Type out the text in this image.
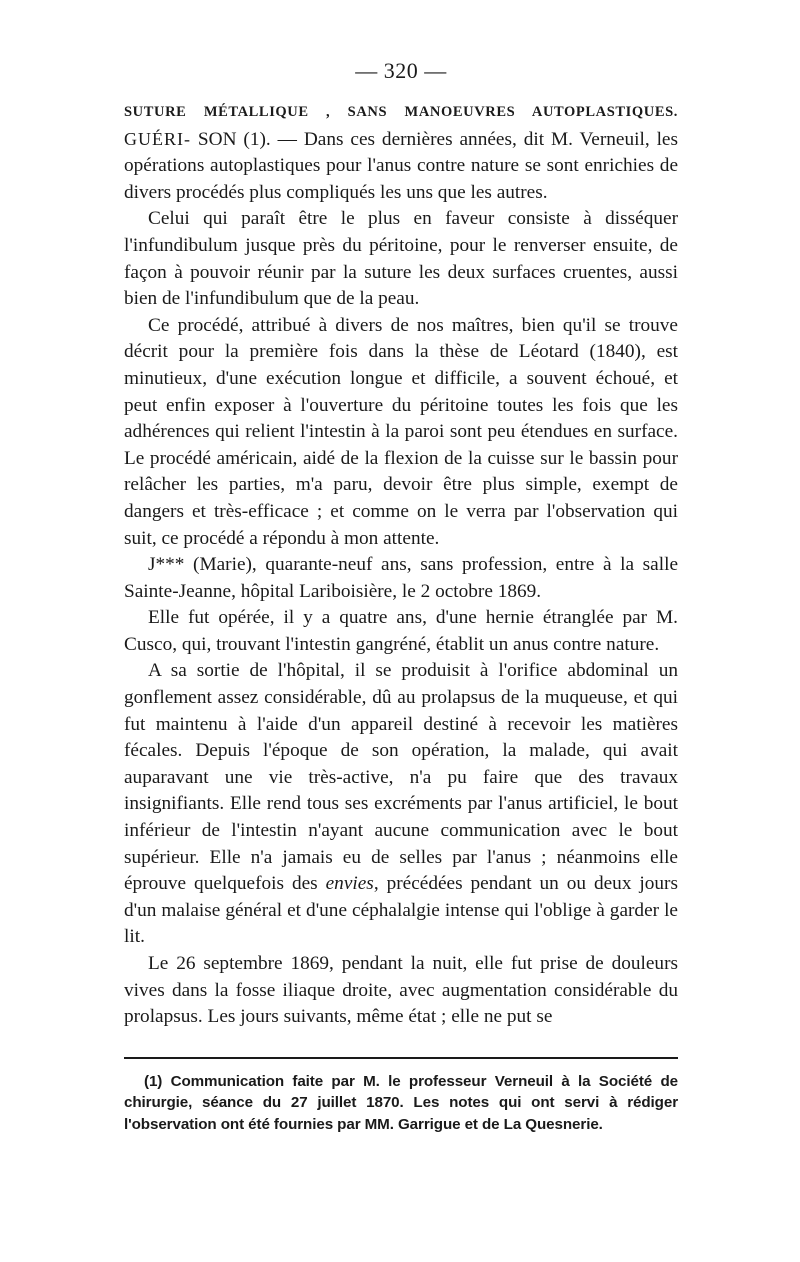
— 320 —

SUTURE MÉTALLIQUE , SANS MANOEUVRES AUTOPLASTIQUES. GUÉRI- SON (1). — Dans ces dernières années, dit M. Verneuil, les opérations autoplastiques pour l'anus contre nature se sont enrichies de divers procédés plus compliqués les uns que les autres.

Celui qui paraît être le plus en faveur consiste à disséquer l'infundibulum jusque près du péritoine, pour le renverser ensuite, de façon à pouvoir réunir par la suture les deux surfaces cruentes, aussi bien de l'infundibulum que de la peau.

Ce procédé, attribué à divers de nos maîtres, bien qu'il se trouve décrit pour la première fois dans la thèse de Léotard (1840), est minutieux, d'une exécution longue et difficile, a souvent échoué, et peut enfin exposer à l'ouverture du péritoine toutes les fois que les adhérences qui relient l'intestin à la paroi sont peu étendues en surface. Le procédé américain, aidé de la flexion de la cuisse sur le bassin pour relâcher les parties, m'a paru, devoir être plus simple, exempt de dangers et très-efficace ; et comme on le verra par l'observation qui suit, ce procédé a répondu à mon attente.

J*** (Marie), quarante-neuf ans, sans profession, entre à la salle Sainte-Jeanne, hôpital Lariboisière, le 2 octobre 1869.

Elle fut opérée, il y a quatre ans, d'une hernie étranglée par M. Cusco, qui, trouvant l'intestin gangréné, établit un anus contre nature.

A sa sortie de l'hôpital, il se produisit à l'orifice abdominal un gonflement assez considérable, dû au prolapsus de la muqueuse, et qui fut maintenu à l'aide d'un appareil destiné à recevoir les matières fécales. Depuis l'époque de son opération, la malade, qui avait auparavant une vie très-active, n'a pu faire que des travaux insignifiants. Elle rend tous ses excréments par l'anus artificiel, le bout inférieur de l'intestin n'ayant aucune communication avec le bout supérieur. Elle n'a jamais eu de selles par l'anus ; néanmoins elle éprouve quelquefois des envies, précédées pendant un ou deux jours d'un malaise général et d'une céphalalgie intense qui l'oblige à garder le lit.

Le 26 septembre 1869, pendant la nuit, elle fut prise de douleurs vives dans la fosse iliaque droite, avec augmentation considérable du prolapsus. Les jours suivants, même état ; elle ne put se

(1) Communication faite par M. le professeur Verneuil à la Société de chirurgie, séance du 27 juillet 1870. Les notes qui ont servi à rédiger l'observation ont été fournies par MM. Garrigue et de La Quesnerie.
